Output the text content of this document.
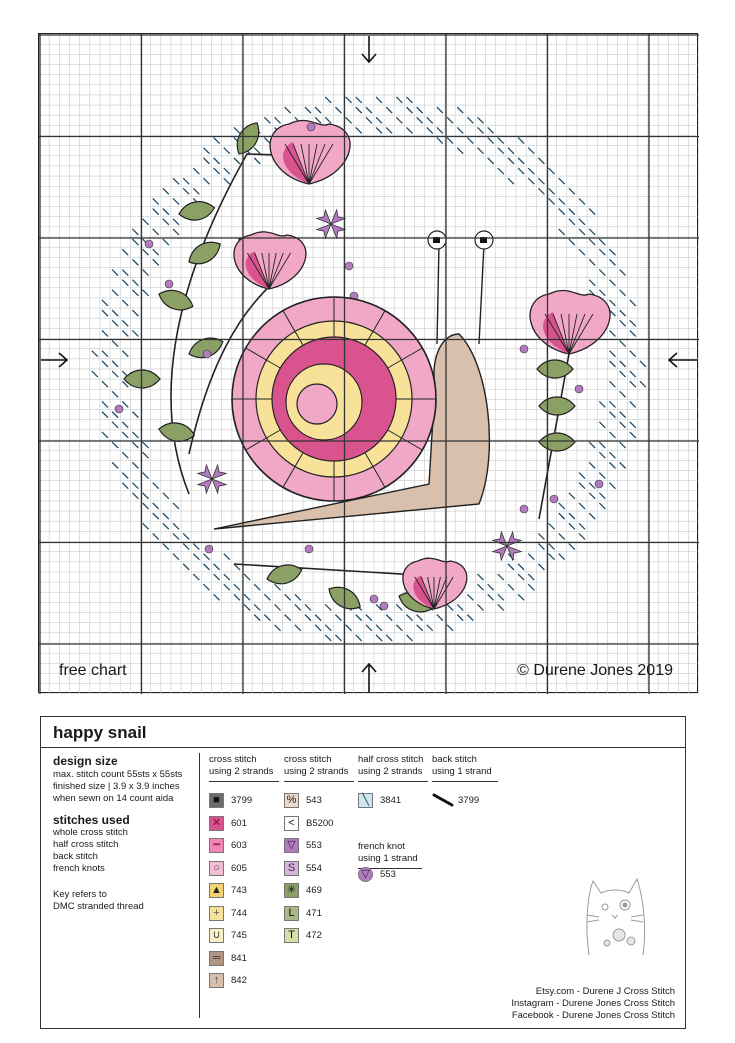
free chart	© Durene Jones 2019
happy snail
design size
max. stitch count 55sts x 55sts
finished size | 3.9 x 3.9 inches
when sewn on 14 count aida
stitches used
whole cross stitch
half cross stitch
back stitch
french knots
Key refers to
DMC stranded thread
cross stitch
using 2 strands
cross stitch
using 2 strands
half cross stitch
using 2 strands
back stitch
using 1 strand
french knot
using 1 strand
■	3799
✕	601
━	603
○	605
▲ 743
+	744
∪	745
═	841
↑	842
% 543
<	B5200
▽	553
S	554
✳	469
L	471
T	472
╲	3841
▽	553
3799
Etsy.com - Durene J Cross Stitch
Instagram - Durene Jones Cross Stitch
Facebook - Durene Jones Cross Stitch
